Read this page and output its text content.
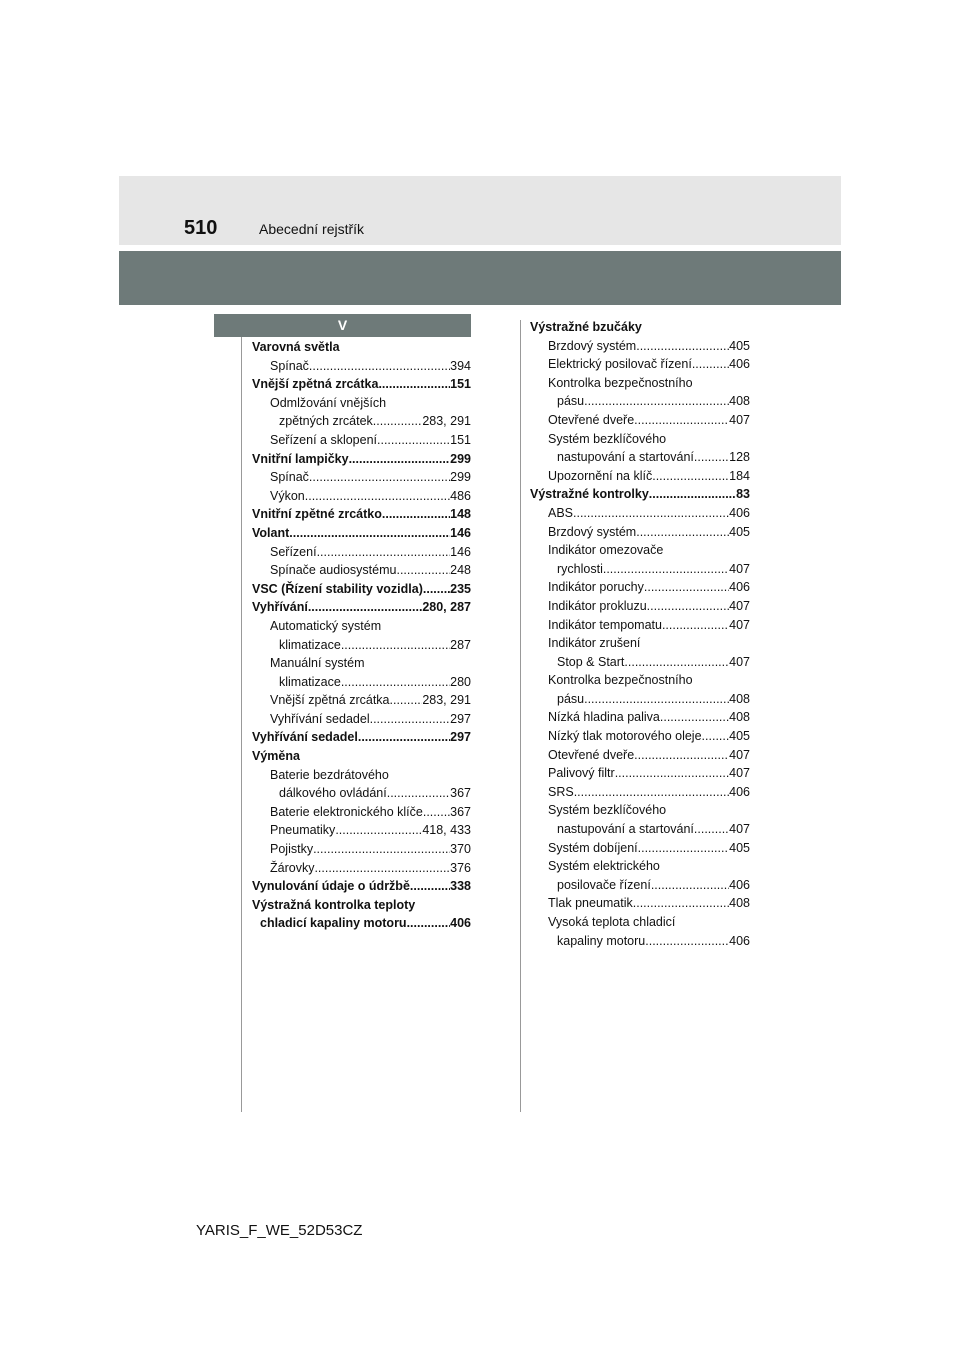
510	Abecední rejstřík
V
Varovná světla
Spínač .....	394
Vnější zpětná zrcátka .....	151
Odmlžování vnějších
zpětných zrcátek .....	283, 291
Seřízení a sklopení .....	151
Vnitřní lampičky .....	299
Spínač .....	299
Výkon .....	486
Vnitřní zpětné zrcátko .....	148
Volant .....	146
Seřízení .....	146
Spínače audiosystému .....	248
VSC (Řízení stability vozidla) ..... 235
Vyhřívání .....	280, 287
Automatický systém
klimatizace .....	287
Manuální systém
klimatizace .....	280
Vnější zpětná zrcátka .....	283, 291
Vyhřívání sedadel .....	297
Vyhřívání sedadel .....	297
Výměna
Baterie bezdrátového
dálkového ovládání .....	367
Baterie elektronického klíče ..... 367
Pneumatiky .....	418, 433
Pojistky .....	370
Žárovky .....	376
Vynulování údaje o údržbě .....	338
Výstražná kontrolka teploty
chladicí kapaliny motoru .....	406
Výstražné bzučáky
Brzdový systém .....	405
Elektrický posilovač řízení .....	406
Kontrolka bezpečnostního
pásu .....	408
Otevřené dveře .....	407
Systém bezklíčového
nastupování a startování .....	128
Upozornění na klíč .....	184
Výstražné kontrolky .....	83
ABS .....	406
Brzdový systém .....	405
Indikátor omezovače
rychlosti .....	407
Indikátor poruchy .....	406
Indikátor prokluzu .....	407
Indikátor tempomatu .....	407
Indikátor zrušení
Stop & Start .....	407
Kontrolka bezpečnostního
pásu .....	408
Nízká hladina paliva .....	408
Nízký tlak motorového oleje ..... 405
Otevřené dveře .....	407
Palivový filtr .....	407
SRS .....	406
Systém bezklíčového
nastupování a startování .....	407
Systém dobíjení .....	405
Systém elektrického
posilovače řízení .....	406
Tlak pneumatik .....	408
Vysoká teplota chladicí
kapaliny motoru .....	406
YARIS_F_WE_52D53CZ
